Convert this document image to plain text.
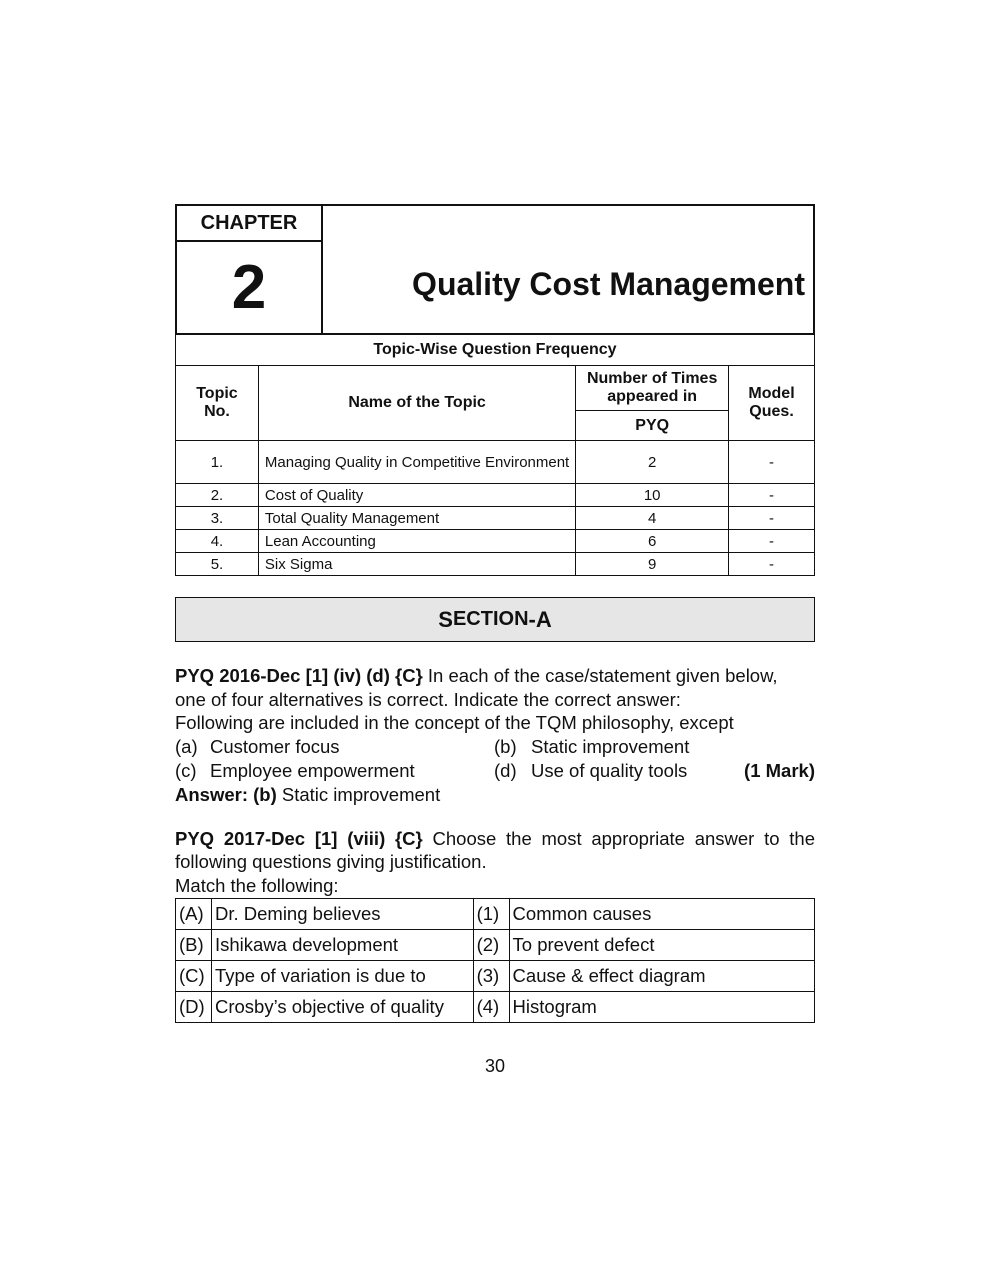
CHAPTER
2	Quality Cost Management
Topic-Wise Question Frequency			
Topic No.	Name of the Topic	Number of Times appeared in	Model Ques.
		PYQ	
1.	Managing Quality in Competitive Environment	2	-
2.	Cost of Quality	10	-
3.	Total Quality Management	4	-
4.	Lean Accounting	6	-
5.	Six Sigma	9	-
S ECTION - A
PYQ 2016-Dec [1] (iv) (d) {C} In each of the case/statement given below,
one of four alternatives is correct. Indicate the correct answer:
Following are included in the concept of the TQM philosophy, except
(a) Customer focus	(b) Static improvement
(c) Employee empowerment	(d) Use of quality tools	(1 Mark)
Answer: (b) Static improvement
PYQ 2017-Dec [1] (viii) {C} Choose the most appropriate answer to the
following questions giving justification.
Match the following:
(A)	Dr. Deming believes	(1)	Common causes
(B)	Ishikawa development	(2)	To prevent defect
(C)	Type of variation is due to	(3)	Cause & effect diagram
(D)	Crosby’s objective of quality	(4)	Histogram
30
